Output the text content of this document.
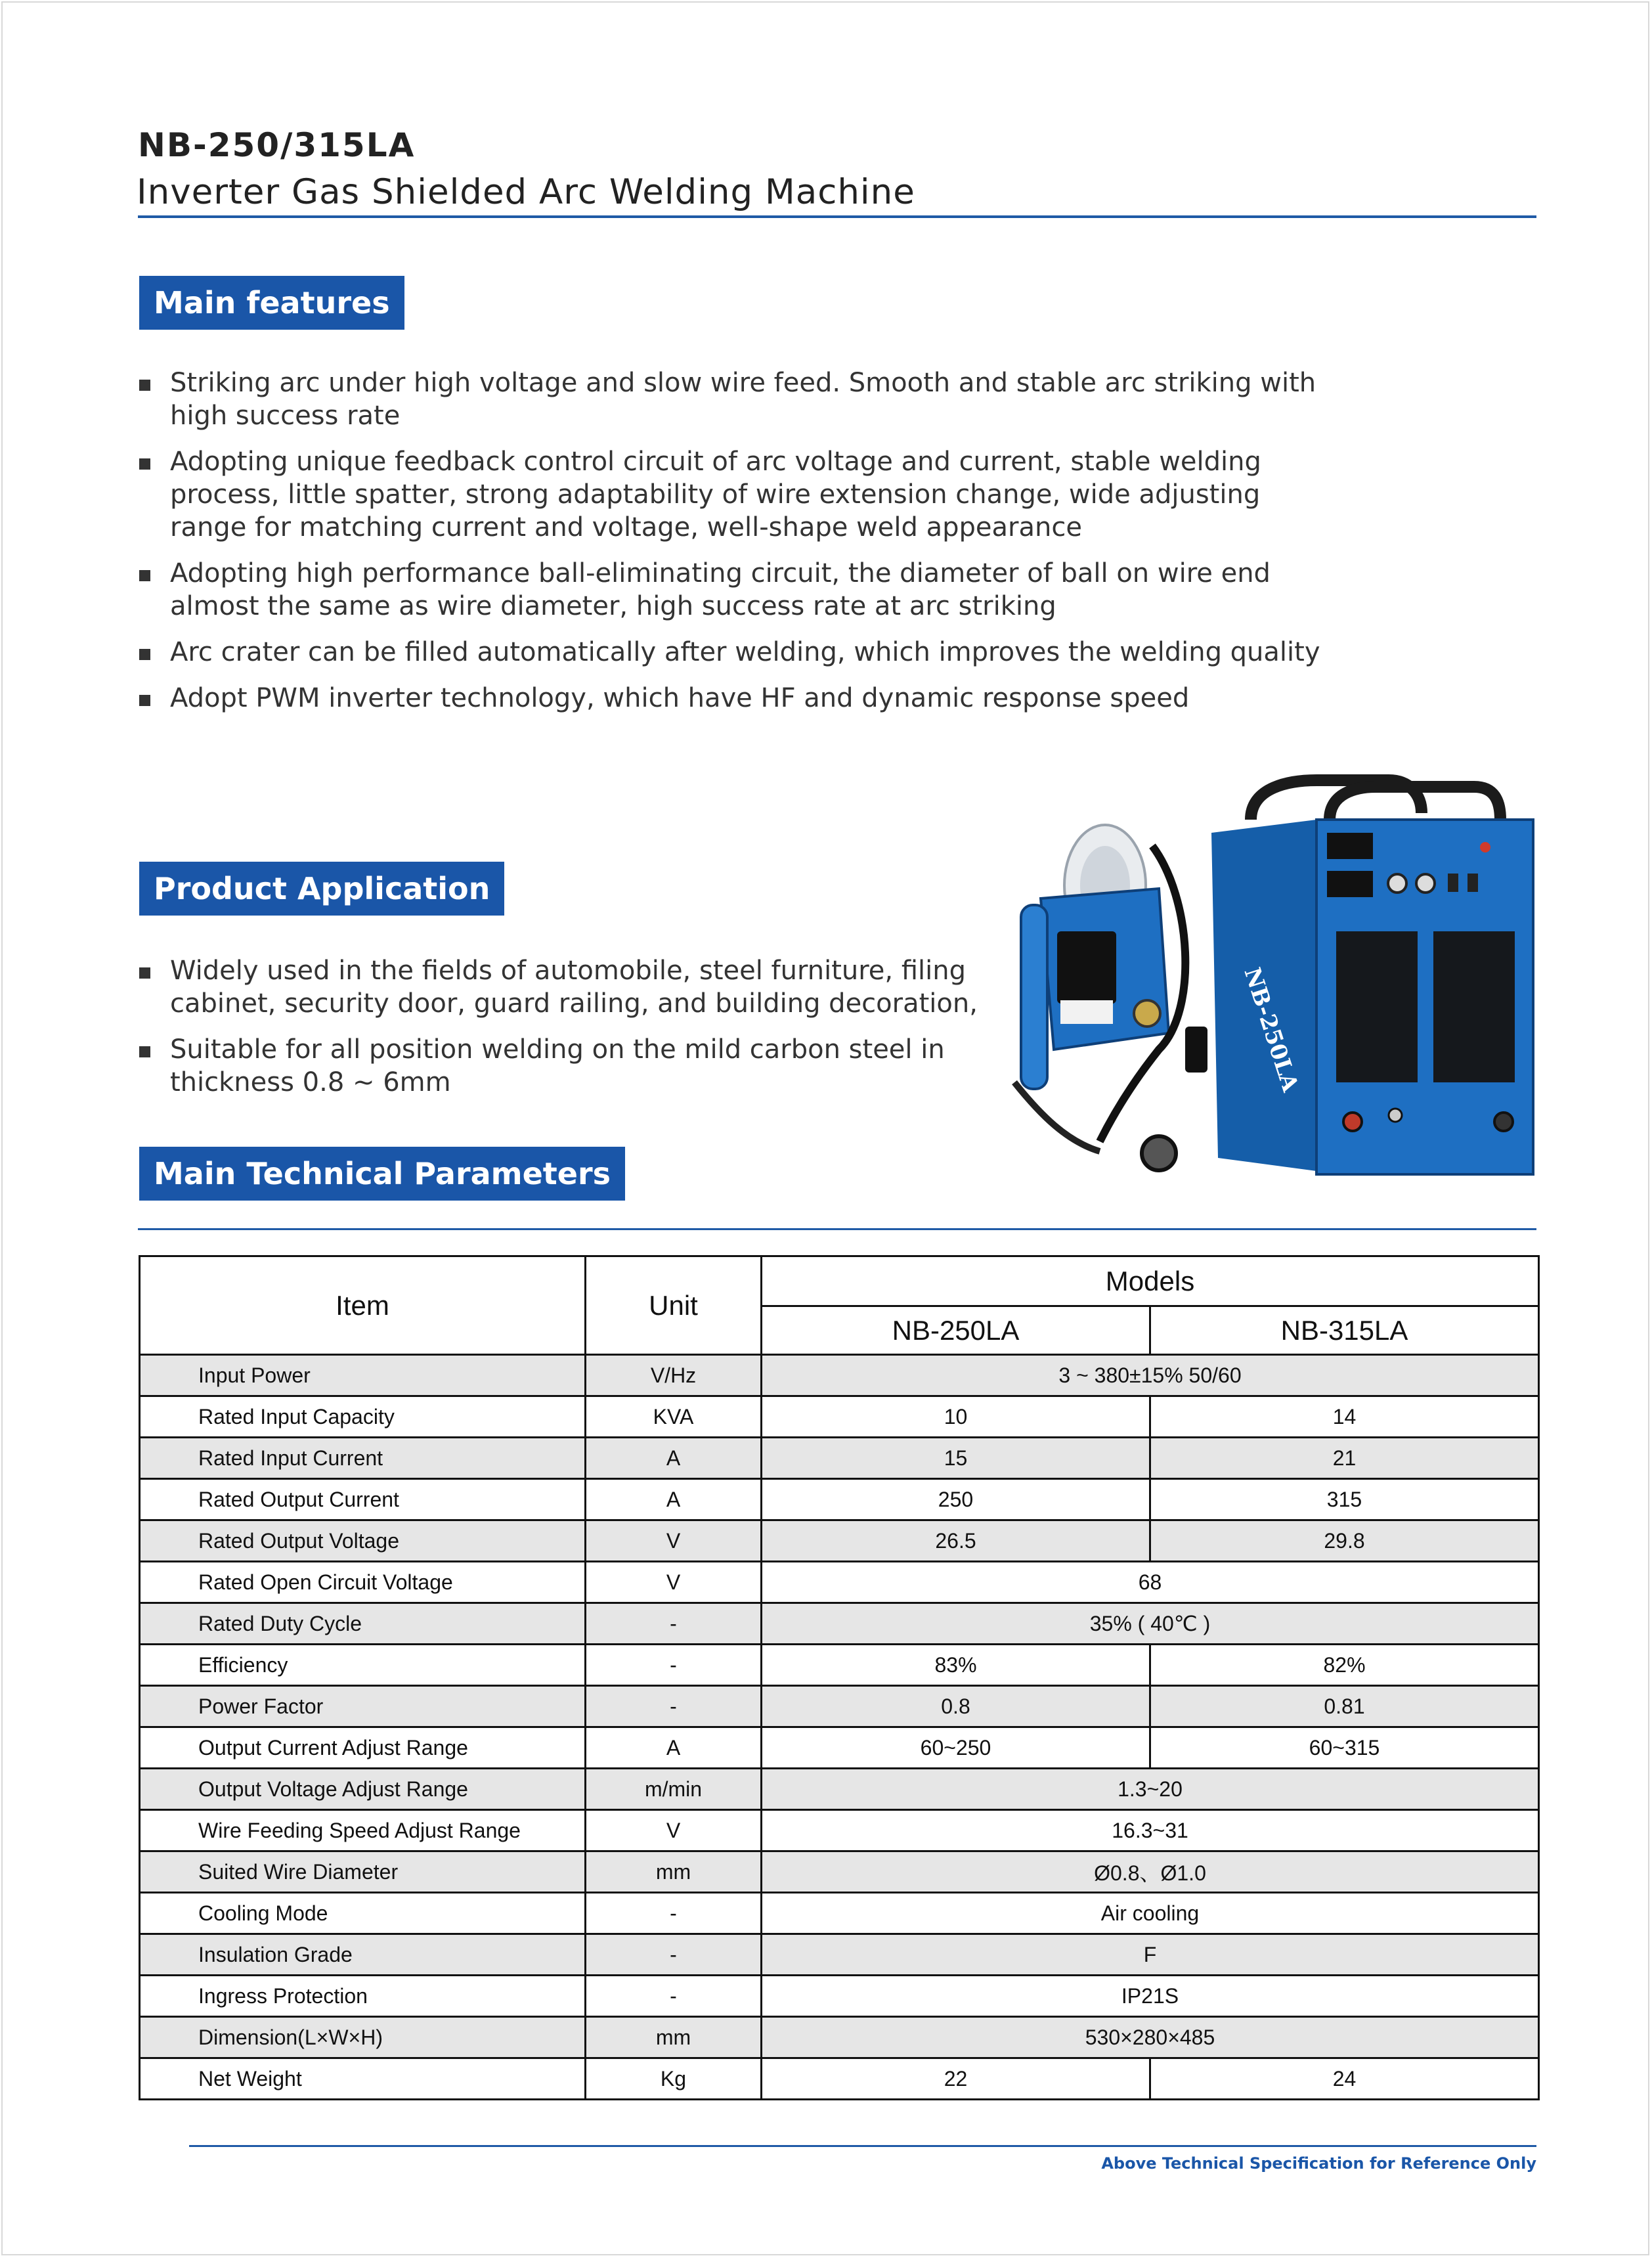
NB-250/315LA
Inverter Gas Shielded Arc Welding Machine
Main features
Striking arc under high voltage and slow wire feed. Smooth and stable arc striking with high success rate
Adopting unique feedback control circuit of arc voltage and current, stable welding process, little spatter, strong adaptability of wire extension change, wide adjusting range for matching current and voltage, well-shape weld appearance
Adopting high performance ball-eliminating circuit, the diameter of ball on wire end almost the same as wire diameter, high success rate at arc striking
Arc crater can be filled automatically after welding, which improves the welding quality
Adopt PWM inverter technology, which have HF and dynamic response speed
Product Application
Widely used in the fields of automobile, steel furniture, filing cabinet, security door, guard railing, and building decoration,
Suitable for all position welding on the mild carbon steel in thickness 0.8 ~ 6mm	NB-250LA
Main Technical Parameters
Item	Unit	Models	
		NB-250LA	NB-315LA
Input Power	V/Hz	3 ~ 380±15% 50/60	
Rated Input Capacity	KVA	10	14
Rated Input Current	A	15	21
Rated Output Current	A	250	315
Rated Output Voltage	V	26.5	29.8
Rated Open Circuit Voltage	V	68	
Rated Duty Cycle	-	35% ( 40℃ )	
Efficiency	-	83%	82%
Power Factor	-	0.8	0.81
Output Current Adjust Range	A	60~250	60~315
Output Voltage Adjust Range	m/min	1.3~20	
Wire Feeding Speed Adjust Range	V	16.3~31	
Suited Wire Diameter	mm	Ø0.8、Ø1.0	
Cooling Mode	-	Air cooling	
Insulation Grade	-	F	
Ingress Protection	-	IP21S	
Dimension(L×W×H)	mm	530×280×485	
Net Weight	Kg	22	24
Above Technical Specification for Reference Only
